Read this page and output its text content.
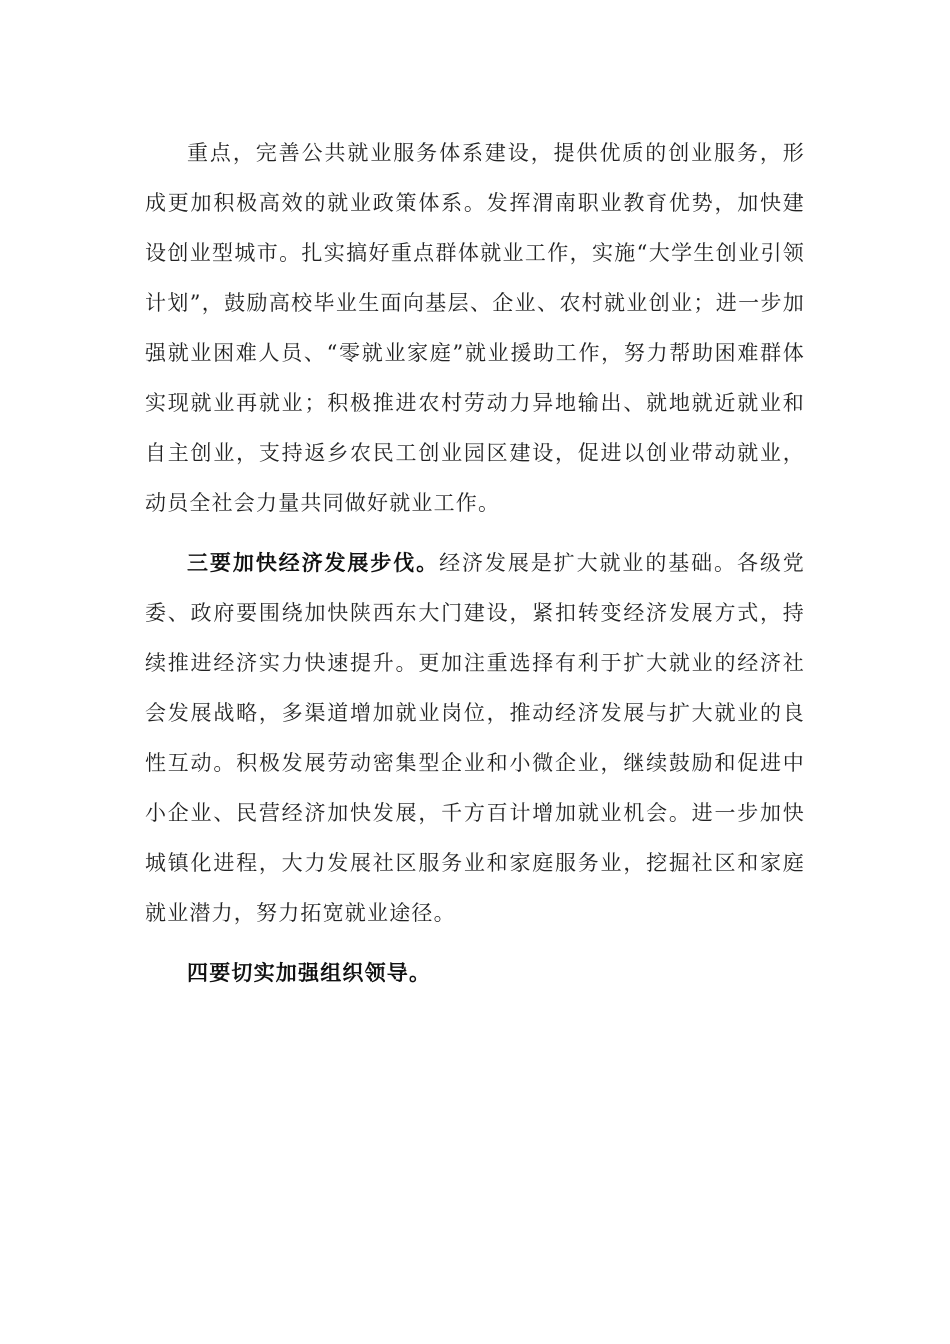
重点，完善公共就业服务体系建设，提供优质的创业服务，形成更加积极高效的就业政策体系。发挥渭南职业教育优势，加快建设创业型城市。扎实搞好重点群体就业工作，实施“大学生创业引领计划”，鼓励高校毕业生面向基层、企业、农村就业创业；进一步加强就业困难人员、“零就业家庭”就业援助工作，努力帮助困难群体实现就业再就业；积极推进农村劳动力异地输出、就地就近就业和自主创业，支持返乡农民工创业园区建设，促进以创业带动就业，动员全社会力量共同做好就业工作。

三要加快经济发展步伐。经济发展是扩大就业的基础。各级党委、政府要围绕加快陕西东大门建设，紧扣转变经济发展方式，持续推进经济实力快速提升。更加注重选择有利于扩大就业的经济社会发展战略，多渠道增加就业岗位，推动经济发展与扩大就业的良性互动。积极发展劳动密集型企业和小微企业，继续鼓励和促进中小企业、民营经济加快发展，千方百计增加就业机会。进一步加快城镇化进程，大力发展社区服务业和家庭服务业，挖掘社区和家庭就业潜力，努力拓宽就业途径。

四要切实加强组织领导。
